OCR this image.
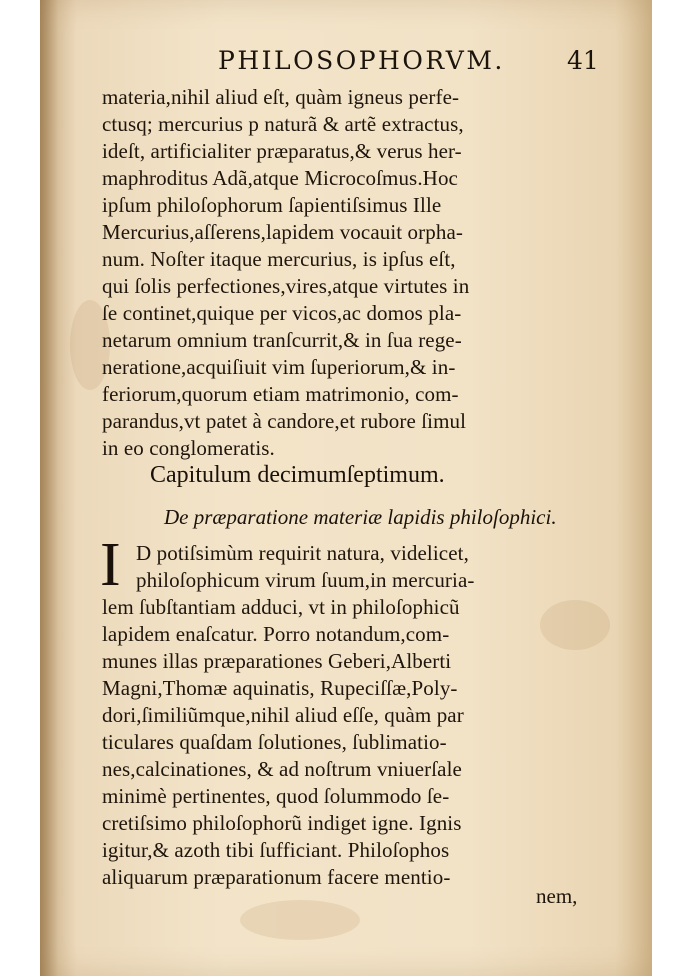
PHILOSOPHORVM. 41
materia,nihil aliud eſt, quàm igneus perfe-
ctusq; mercurius p naturã & artẽ extractus,
ideſt, artificialiter præparatus,& verus her-
maphroditus Adã,atque Microcoſmus.Hoc
ipſum philoſophorum ſapientiſsimus Ille
Mercurius,aſſerens,lapidem vocauit orpha-
num. Noſter itaque mercurius, is ipſus eſt,
qui ſolis perfectiones,vires,atque virtutes in
ſe continet,quique per vicos,ac domos pla-
netarum omnium tranſcurrit,& in ſua rege-
neratione,acquiſiuit vim ſuperiorum,& in-
feriorum,quorum etiam matrimonio, com-
parandus,vt patet à candore,et rubore ſimul
in eo conglomeratis.
Capitulum decimumſeptimum.
De præparatione materiæ lapidis philoſophici.
I D potiſsimùm requirit natura, videlicet,
philoſophicum virum ſuum,in mercuria-
lem ſubſtantiam adduci, vt in philoſophicũ
lapidem enaſcatur. Porro notandum,com-
munes illas præparationes Geberi,Alberti
Magni,Thomæ aquinatis, Rupeciſſæ,Poly-
dori,ſimiliũmque,nihil aliud eſſe, quàm par
ticulares quaſdam ſolutiones, ſublimatio-
nes,calcinationes, & ad noſtrum vniuerſale
minimè pertinentes, quod ſolummodo ſe-
cretiſsimo philoſophorũ indiget igne. Ignis
igitur,& azoth tibi ſufficiant. Philoſophos
aliquarum præparationum facere mentio-
nem,
